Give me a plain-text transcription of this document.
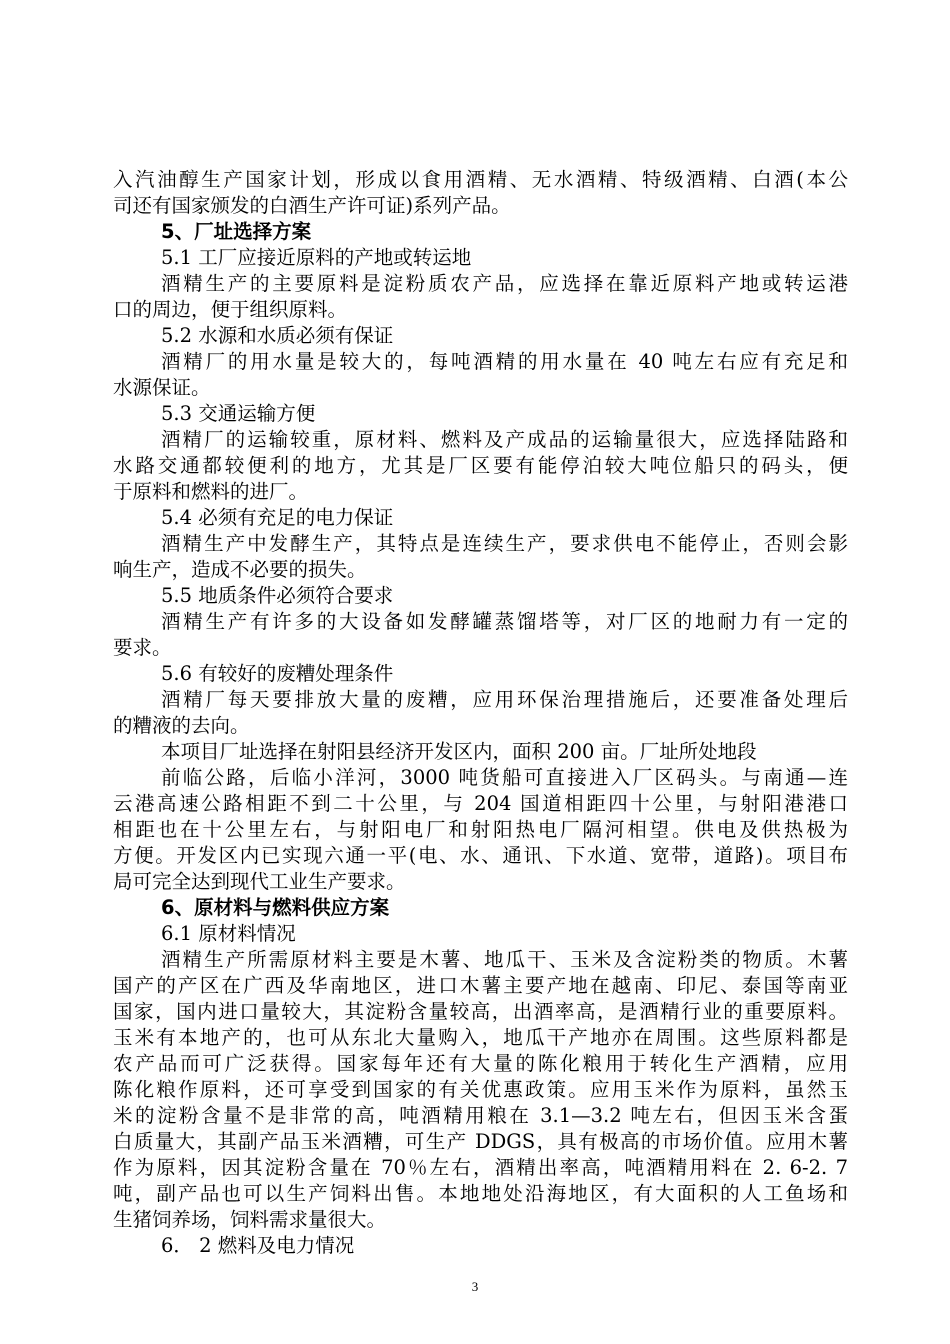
入汽油醇生产国家计划，形成以食用酒精、无水酒精、特级酒精、白酒(本公
司还有国家颁发的白酒生产许可证)系列产品。
5、厂址选择方案
5.1 工厂应接近原料的产地或转运地
酒精生产的主要原料是淀粉质农产品，应选择在靠近原料产地或转运港
口的周边，便于组织原料。
5.2 水源和水质必须有保证
酒精厂的用水量是较大的，每吨酒精的用水量在 40 吨左右应有充足和
水源保证。
5.3 交通运输方便
酒精厂的运输较重，原材料、燃料及产成品的运输量很大，应选择陆路和
水路交通都较便利的地方，尤其是厂区要有能停泊较大吨位船只的码头，便
于原料和燃料的进厂。
5.4 必须有充足的电力保证
酒精生产中发酵生产，其特点是连续生产，要求供电不能停止，否则会影
响生产，造成不必要的损失。
5.5 地质条件必须符合要求
酒精生产有许多的大设备如发酵罐蒸馏塔等，对厂区的地耐力有一定的
要求。
5.6 有较好的废糟处理条件
酒精厂每天要排放大量的废糟，应用环保治理措施后，还要准备处理后
的糟液的去向。
本项目厂址选择在射阳县经济开发区内，面积 200 亩。厂址所处地段
前临公路，后临小洋河，3000 吨货船可直接进入厂区码头。与南通—连
云港高速公路相距不到二十公里，与 204 国道相距四十公里，与射阳港港口
相距也在十公里左右，与射阳电厂和射阳热电厂隔河相望。供电及供热极为
方便。开发区内已实现六通一平(电、水、通讯、下水道、宽带，道路)。项目布
局可完全达到现代工业生产要求。
6、原材料与燃料供应方案
6.1 原材料情况
酒精生产所需原材料主要是木薯、地瓜干、玉米及含淀粉类的物质。木薯
国产的产区在广西及华南地区，进口木薯主要产地在越南、印尼、泰国等南亚
国家，国内进口量较大，其淀粉含量较高，出酒率高，是酒精行业的重要原料。
玉米有本地产的，也可从东北大量购入，地瓜干产地亦在周围。这些原料都是
农产品而可广泛获得。国家每年还有大量的陈化粮用于转化生产酒精，应用
陈化粮作原料，还可享受到国家的有关优惠政策。应用玉米作为原料，虽然玉
米的淀粉含量不是非常的高，吨酒精用粮在 3.1—3.2 吨左右，但因玉米含蛋
白质量大，其副产品玉米酒糟，可生产 DDGS，具有极高的市场价值。应用木薯
作为原料，因其淀粉含量在 70％左右，酒精出率高，吨酒精用料在 2. 6-2. 7
吨，副产品也可以生产饲料出售。本地地处沿海地区，有大面积的人工鱼场和
生猪饲养场，饲料需求量很大。
6． 2 燃料及电力情况
3
